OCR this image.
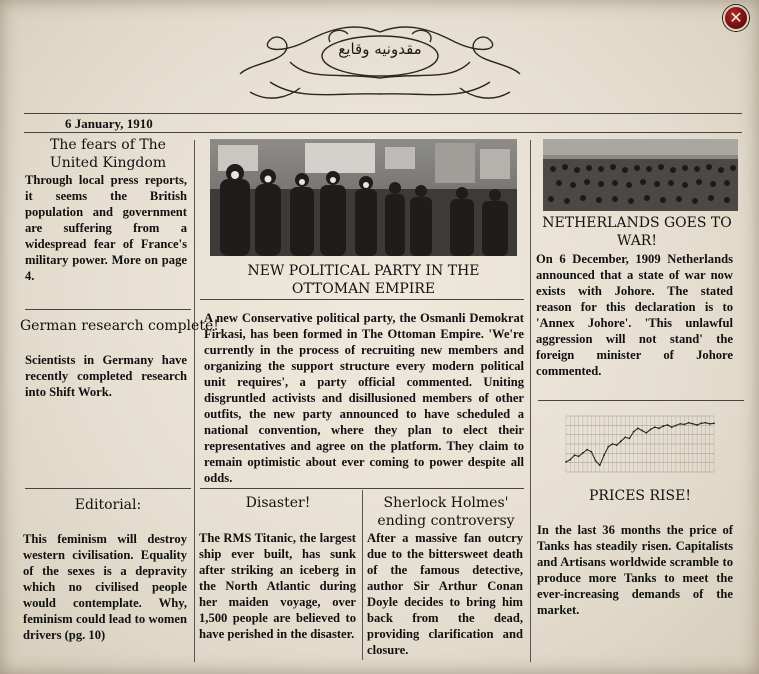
مقدونیه وقایع
✕
6 January, 1910
The fears of The United Kingdom
Through local press reports, it seems the British population and government are suffering from a widespread fear of France's military power. More on page 4.
German research complete!
Scientists in Germany have recently completed research into Shift Work.
Editorial:
This feminism will destroy western civilisation. Equality of the sexes is a depravity which no civilised people would contemplate. Why, feminism could lead to women drivers (pg. 10)
NEW POLITICAL PARTY IN THE OTTOMAN EMPIRE
A new Conservative political party, the Osmanli Demokrat Firkasi, has been formed in The Ottoman Empire. 'We're currently in the process of recruiting new members and organizing the support structure every modern political unit requires', a party official commented. Uniting disgruntled activists and disillusioned members of other outfits, the new party announced to have scheduled a national convention, where they plan to elect their representatives and agree on the platform. They claim to remain optimistic about ever coming to power despite all odds.
Disaster!
The RMS Titanic, the largest ship ever built, has sunk after striking an iceberg in the North Atlantic during her maiden voyage, over 1,500 people are believed to have perished in the disaster.
Sherlock Holmes' ending controversy
After a massive fan outcry due to the bittersweet death of the famous detective, author Sir Arthur Conan Doyle decides to bring him back from the dead, providing clarification and closure.
NETHERLANDS GOES TO WAR!
On 6 December, 1909 Netherlands announced that a state of war now exists with Johore. The stated reason for this declaration is to 'Annex Johore'. 'This unlawful aggression will not stand' the foreign minister of Johore commented.
PRICES RISE!
In the last 36 months the price of Tanks has steadily risen. Capitalists and Artisans worldwide scramble to produce more Tanks to meet the ever-increasing demands of the market.
